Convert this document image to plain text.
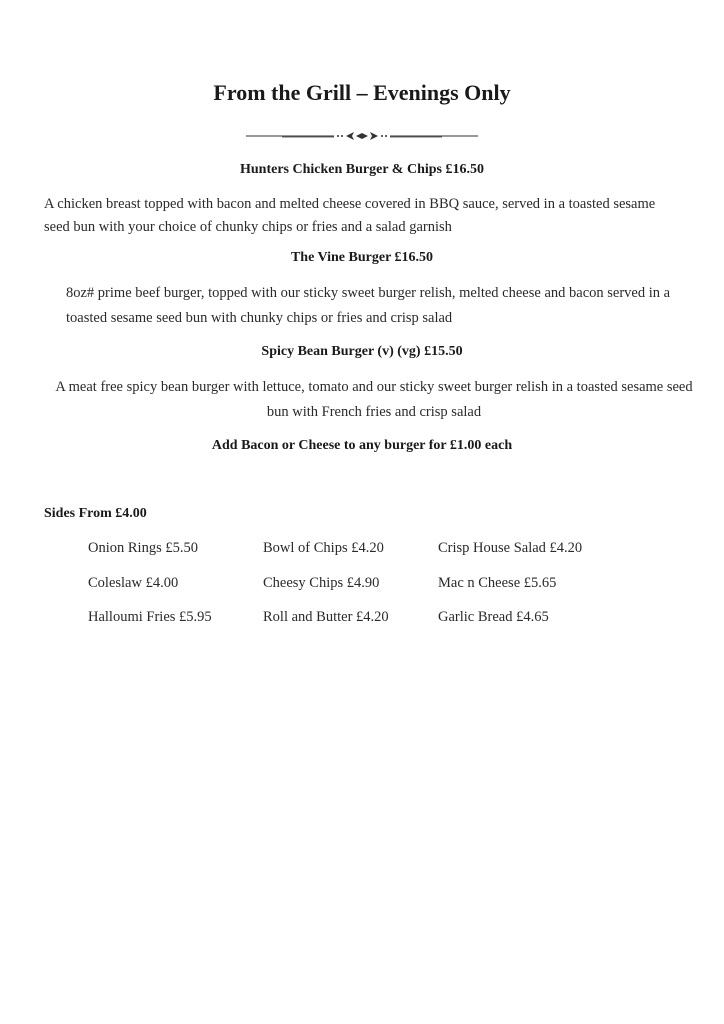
From the Grill – Evenings Only
Hunters Chicken Burger & Chips £16.50

A chicken breast topped with bacon and melted cheese covered in BBQ sauce, served in a toasted sesame seed bun with your choice of chunky chips or fries and a salad garnish

The Vine Burger £16.50

8oz# prime beef burger, topped with our sticky sweet burger relish, melted cheese and bacon served in a toasted sesame seed bun with chunky chips or fries and crisp salad

Spicy Bean Burger (v) (vg) £15.50

A meat free spicy bean burger with lettuce, tomato and our sticky sweet burger relish in a toasted sesame seed bun with French fries and crisp salad

Add Bacon or Cheese to any burger for £1.00 each
Sides From £4.00
Onion Rings £5.50	Bowl of Chips £4.20	Crisp House Salad £4.20
Coleslaw £4.00	Cheesy Chips £4.90	Mac n Cheese £5.65
Halloumi Fries £5.95	Roll and Butter £4.20	Garlic Bread £4.65
